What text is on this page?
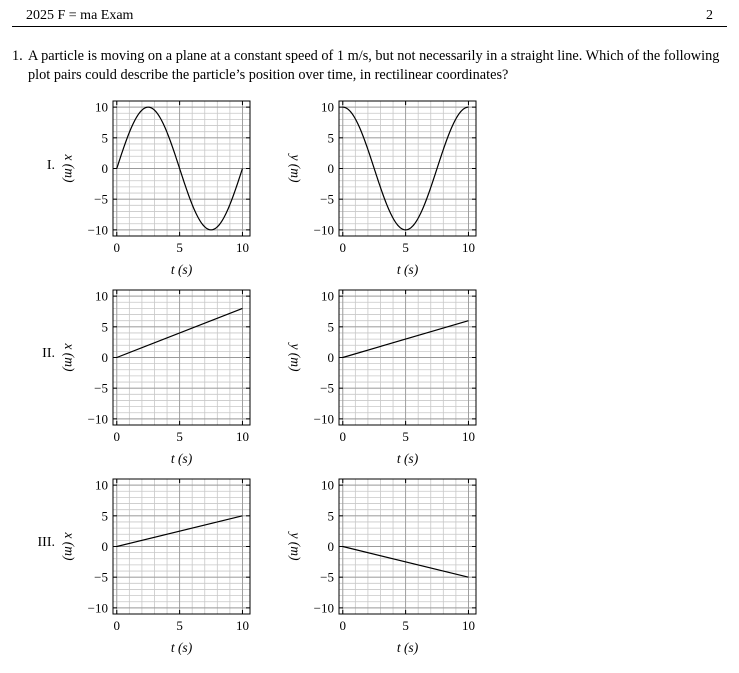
2025 F = ma Exam	2
1. A particle is moving on a plane at a constant speed of 1 m/s, but not necessarily in a straight line. Which of the following plot pairs could describe the particle’s position over time, in rectilinear coordinates?
0	5	10
10
5
0
−5
−10
t (s)
x (m)
I.
0	5	10
10
5
0
−5
−10
t (s)
y (m)
0	5	10
10
5
0
−5
−10
t (s)
x (m)
II.
0	5	10
10
5
0
−5
−10
t (s)
y (m)
0	5	10
10
5
0
−5
−10
t (s)
x (m)
III.
0	5	10
10
5
0
−5
−10
t (s)
y (m)
